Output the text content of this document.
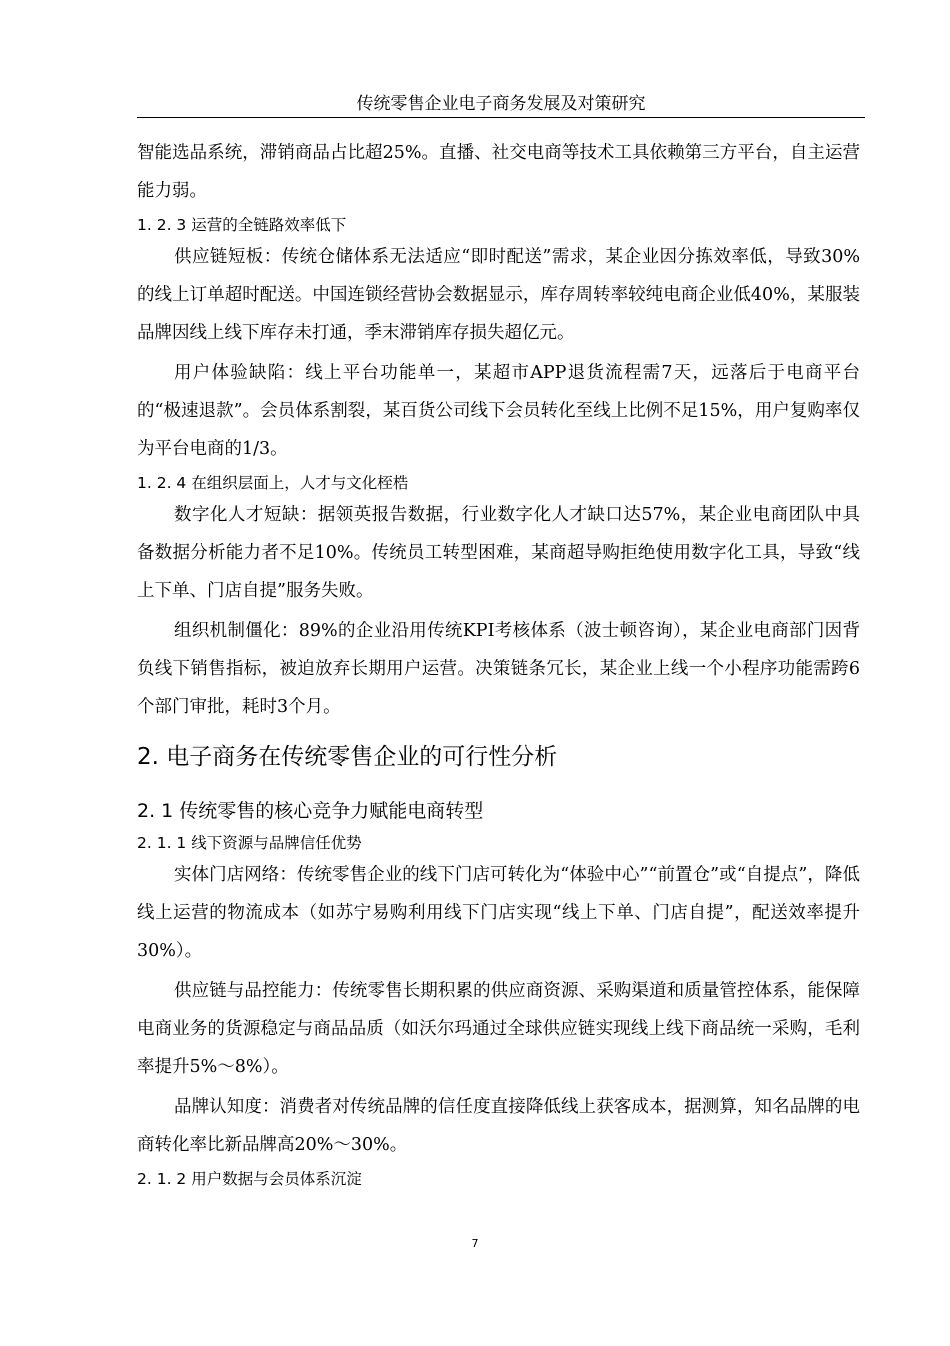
传统零售企业电子商务发展及对策研究

智能选品系统，滞销商品占比超25%。直播、社交电商等技术工具依赖第三方平台，自主运营能力弱。

1. 2. 3 运营的全链路效率低下

供应链短板：传统仓储体系无法适应“即时配送”需求，某企业因分拣效率低，导致30%的线上订单超时配送。中国连锁经营协会数据显示，库存周转率较纯电商企业低40%，某服装品牌因线上线下库存未打通，季末滞销库存损失超亿元。

用户体验缺陷：线上平台功能单一，某超市APP退货流程需7天，远落后于电商平台的“极速退款”。会员体系割裂，某百货公司线下会员转化至线上比例不足15%，用户复购率仅为平台电商的1/3。

1. 2. 4 在组织层面上，人才与文化桎梏

数字化人才短缺：据领英报告数据，行业数字化人才缺口达57%，某企业电商团队中具备数据分析能力者不足10%。传统员工转型困难，某商超导购拒绝使用数字化工具，导致“线上下单、门店自提”服务失败。

组织机制僵化：89%的企业沿用传统KPI考核体系（波士顿咨询），某企业电商部门因背负线下销售指标，被迫放弃长期用户运营。决策链条冗长，某企业上线一个小程序功能需跨6个部门审批，耗时3个月。

2. 电子商务在传统零售企业的可行性分析
2. 1 传统零售的核心竞争力赋能电商转型
2. 1. 1 线下资源与品牌信任优势

实体门店网络：传统零售企业的线下门店可转化为“体验中心”“前置仓”或“自提点”，降低线上运营的物流成本（如苏宁易购利用线下门店实现“线上下单、门店自提”，配送效率提升30%）。

供应链与品控能力：传统零售长期积累的供应商资源、采购渠道和质量管控体系，能保障电商业务的货源稳定与商品品质（如沃尔玛通过全球供应链实现线上线下商品统一采购，毛利率提升5%～8%）。

品牌认知度：消费者对传统品牌的信任度直接降低线上获客成本，据测算，知名品牌的电商转化率比新品牌高20%～30%。

2. 1. 2 用户数据与会员体系沉淀
7
